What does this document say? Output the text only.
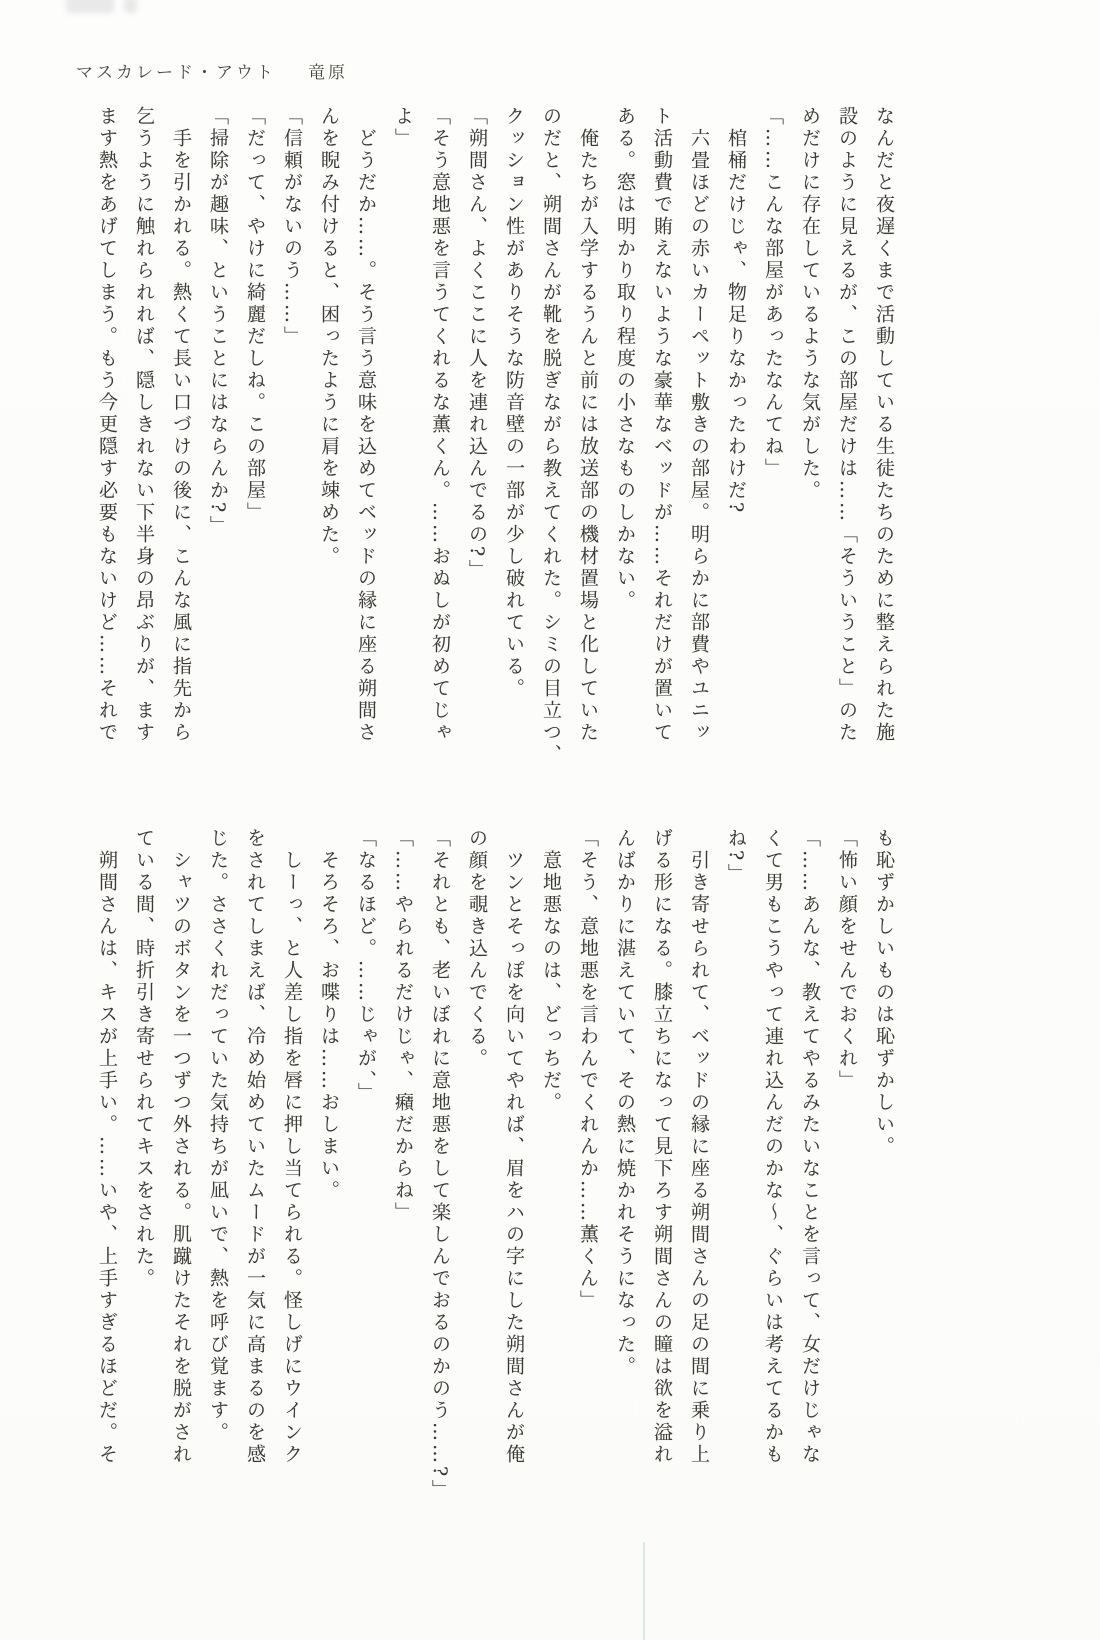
マスカレード・アウト 竜原
なんだと夜遅くまで活動している生徒たちのために整えられた施
設のように見えるが、この部屋だけは……「そういうこと」のた
めだけに存在しているような気がした。
「……こんな部屋があったなんてね」
棺桶だけじゃ、物足りなかったわけだ?
六畳ほどの赤いカーペット敷きの部屋。明らかに部費やユニッ
ト活動費で賄えないような豪華なベッドが……それだけが置いて
ある。窓は明かり取り程度の小さなものしかない。
俺たちが入学するうんと前には放送部の機材置場と化していた
のだと、朔間さんが靴を脱ぎながら教えてくれた。シミの目立つ、
クッション性がありそうな防音壁の一部が少し破れている。
「朔間さん、よくここに人を連れ込んでるの?」
「そう意地悪を言うてくれるな薫くん。……おぬしが初めてじゃ
よ」
どうだか……。そう言う意味を込めてベッドの縁に座る朔間さ
んを睨み付けると、困ったように肩を竦めた。
「信頼がないのう……」
「だって、やけに綺麗だしね。この部屋」
「掃除が趣味、ということにはならんか?」
手を引かれる。熱くて長い口づけの後に、こんな風に指先から
乞うように触れられれば、隠しきれない下半身の昂ぶりが、ます
ます熱をあげてしまう。もう今更隠す必要もないけど……それで
も恥ずかしいものは恥ずかしい。
「怖い顔をせんでおくれ」
「……あんな、教えてやるみたいなことを言って、女だけじゃな
くて男もこうやって連れ込んだのかな〜、ぐらいは考えてるかも
ね?」
引き寄せられて、ベッドの縁に座る朔間さんの足の間に乗り上
げる形になる。膝立ちになって見下ろす朔間さんの瞳は欲を溢れ
んばかりに湛えていて、その熱に焼かれそうになった。
「そう、意地悪を言わんでくれんか……薫くん」
意地悪なのは、どっちだ。
ツンとそっぽを向いてやれば、眉をハの字にした朔間さんが俺
の顔を覗き込んでくる。
「それとも、老いぼれに意地悪をして楽しんでおるのかのう……?」
「……やられるだけじゃ、癪だからね」
「なるほど。……じゃが、」
そろそろ、お喋りは……おしまい。
しーっ、と人差し指を唇に押し当てられる。怪しげにウインク
をされてしまえば、冷め始めていたムードが一気に高まるのを感
じた。ささくれだっていた気持ちが凪いで、熱を呼び覚ます。
シャツのボタンを一つずつ外される。肌蹴けたそれを脱がされ
ている間、時折引き寄せられてキスをされた。
朔間さんは、キスが上手い。……いや、上手すぎるほどだ。そ
